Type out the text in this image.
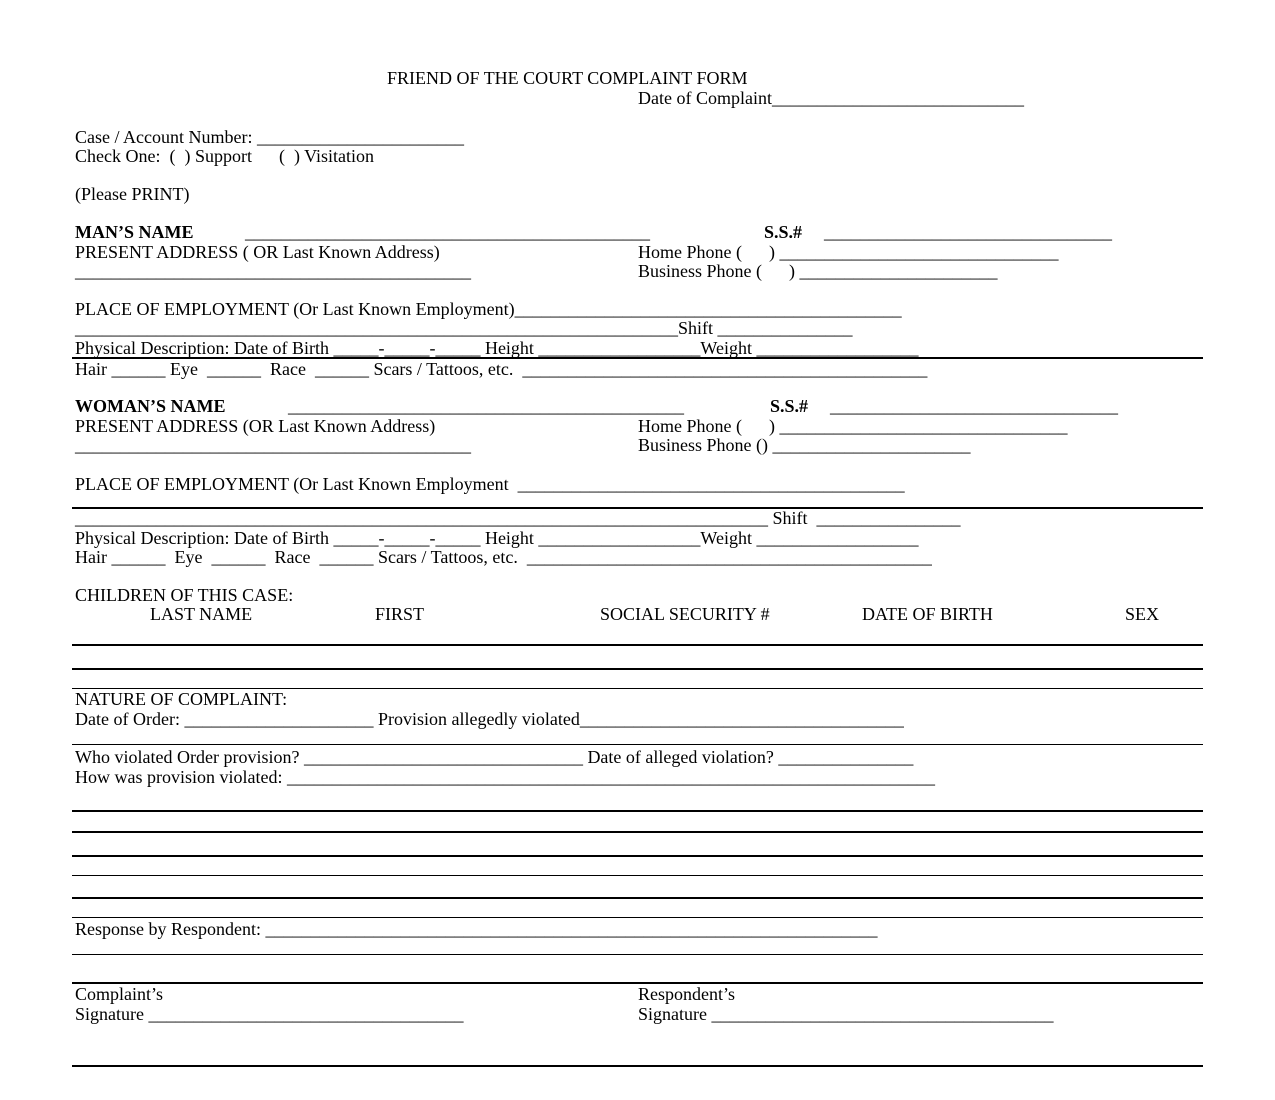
FRIEND OF THE COURT COMPLAINT FORM
Date of Complaint____________________________
Case / Account Number: _______________________
Check One:  (  ) Support      (  ) Visitation
(Please PRINT)
MAN’S NAME	_____________________________________________	S.S.# ________________________________
PRESENT ADDRESS ( OR Last Known Address)	Home Phone (      ) _______________________________
____________________________________________	Business Phone (      ) ______________________
PLACE OF EMPLOYMENT (Or Last Known Employment)___________________________________________
___________________________________________________________________Shift _______________
Physical Description: Date of Birth _____-_____-_____ Height __________________Weight __________________
Hair ______ Eye  ______  Race  ______ Scars / Tattoos, etc.  _____________________________________________
WOMAN’S NAME	____________________________________________	S.S.# ________________________________
PRESENT ADDRESS (OR Last Known Address)	Home Phone (      ) ________________________________
____________________________________________	Business Phone () ______________________
PLACE OF EMPLOYMENT (Or Last Known Employment  ___________________________________________
_____________________________________________________________________________ Shift  ________________
Physical Description: Date of Birth _____-_____-_____ Height __________________Weight __________________
Hair ______  Eye  ______  Race  ______ Scars / Tattoos, etc.  _____________________________________________
CHILDREN OF THIS CASE:
LAST NAME	FIRST	SOCIAL SECURITY #	DATE OF BIRTH	SEX
NATURE OF COMPLAINT:
Date of Order: _____________________ Provision allegedly violated____________________________________
Who violated Order provision? _______________________________ Date of alleged violation? _______________
How was provision violated: ________________________________________________________________________
Response by Respondent: ____________________________________________________________________
Complaint’s
Signature ___________________________________
Respondent’s
Signature ______________________________________
